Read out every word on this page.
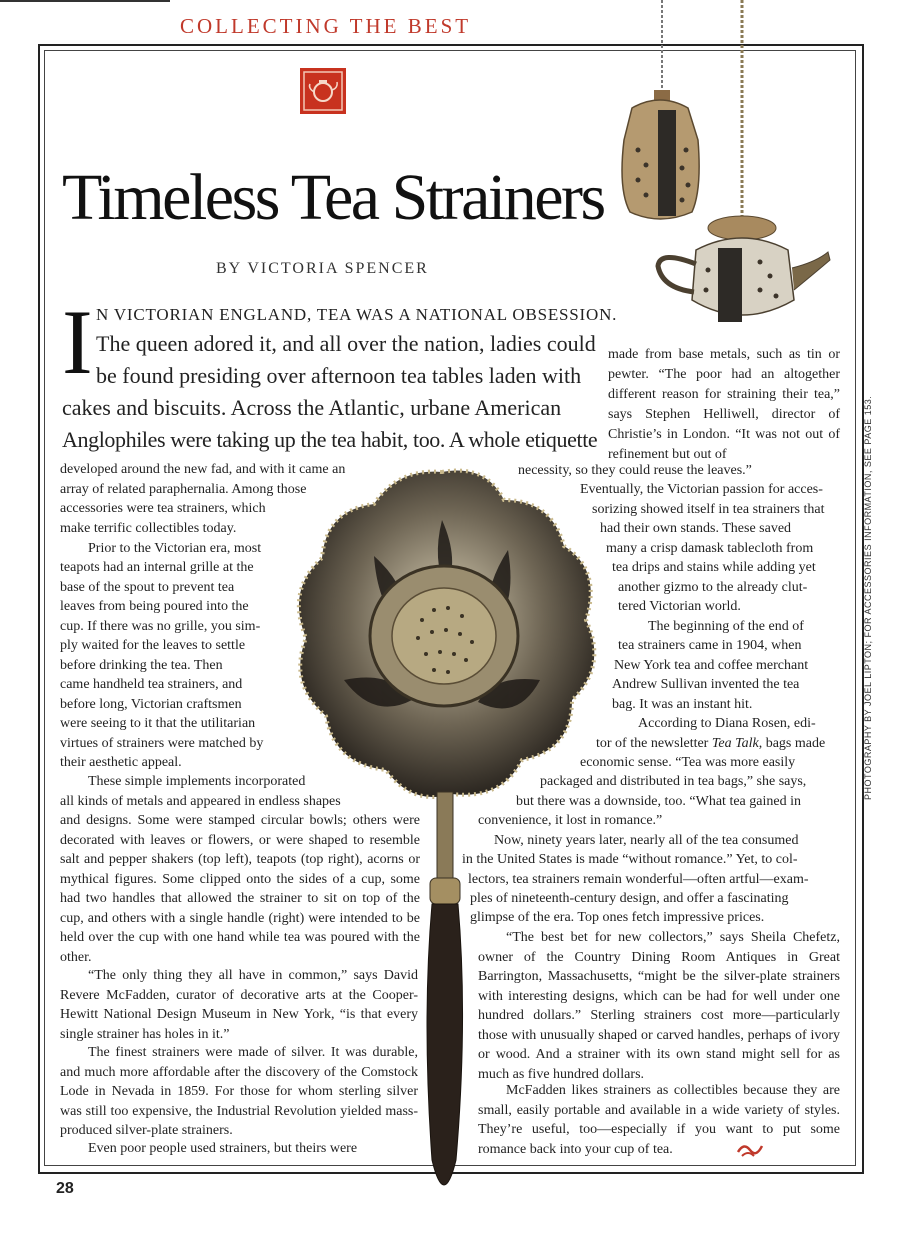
COLLECTING THE BEST
Timeless Tea Strainers
BY VICTORIA SPENCER
I N VICTORIAN ENGLAND, TEA WAS A NATIONAL OBSESSION.
The queen adored it, and all over the nation, ladies could
be found presiding over afternoon tea tables laden with
cakes and biscuits. Across the Atlantic, urbane American
Anglophiles were taking up the tea habit, too. A whole etiquette

made from base metals, such as tin or pewter. “The poor had an altogether different reason for straining their tea,” says Stephen Helliwell, director of Christie’s in London. “It was not out of refinement but out of

developed around the new fad, and with it came an
array of related paraphernalia. Among those
accessories were tea strainers, which
make terrific collectibles today.
Prior to the Victorian era, most
teapots had an internal grille at the
base of the spout to prevent tea
leaves from being poured into the
cup. If there was no grille, you sim-
ply waited for the leaves to settle
before drinking the tea. Then
came handheld tea strainers, and
before long, Victorian craftsmen
were seeing to it that the utilitarian
virtues of strainers were matched by
their aesthetic appeal.
These simple implements incorporated
all kinds of metals and appeared in endless shapes

and designs. Some were stamped circular bowls; others were decorated with leaves or flowers, or were shaped to resemble salt and pepper shakers (top left), teapots (top right), acorns or mythical figures. Some clipped onto the sides of a cup, some had two handles that allowed the strainer to sit on top of the cup, and others with a single handle (right) were intended to be held over the cup with one hand while tea was poured with the other.

“The only thing they all have in common,” says David Revere McFadden, curator of decorative arts at the Cooper-Hewitt National Design Museum in New York, “is that every single strainer has holes in it.”

The finest strainers were made of silver. It was durable, and much more affordable after the discovery of the Comstock Lode in Nevada in 1859. For those for whom sterling silver was still too expensive, the Industrial Revolution yielded mass-produced silver-plate strainers.

Even poor people used strainers, but theirs were

necessity, so they could reuse the leaves.”
Eventually, the Victorian passion for acces-
sorizing showed itself in tea strainers that
had their own stands. These saved
many a crisp damask tablecloth from
tea drips and stains while adding yet
another gizmo to the already clut-
tered Victorian world.
The beginning of the end of
tea strainers came in 1904, when
New York tea and coffee merchant
Andrew Sullivan invented the tea
bag. It was an instant hit.
According to Diana Rosen, edi-
tor of the newsletter Tea Talk, bags made
economic sense. “Tea was more easily
packaged and distributed in tea bags,” she says,
but there was a downside, too. “What tea gained in
convenience, it lost in romance.”
Now, ninety years later, nearly all of the tea consumed
in the United States is made “without romance.” Yet, to col-
lectors, tea strainers remain wonderful—often artful—exam-
ples of nineteenth-century design, and offer a fascinating
glimpse of the era. Top ones fetch impressive prices.

“The best bet for new collectors,” says Sheila Chefetz, owner of the Country Dining Room Antiques in Great Barrington, Massachusetts, “might be the silver-plate strainers with interesting designs, which can be had for well under one hundred dollars.” Sterling strainers cost more—particularly those with unusually shaped or carved handles, perhaps of ivory or wood. And a strainer with its own stand might sell for as much as five hundred dollars.

McFadden likes strainers as collectibles because they are small, easily portable and available in a wide variety of styles. They’re useful, too—especially if you want to put some romance back into your cup of tea.

PHOTOGRAPHY BY JOEL LIPTON; FOR ACCESSORIES INFORMATION, SEE PAGE 153.
28
